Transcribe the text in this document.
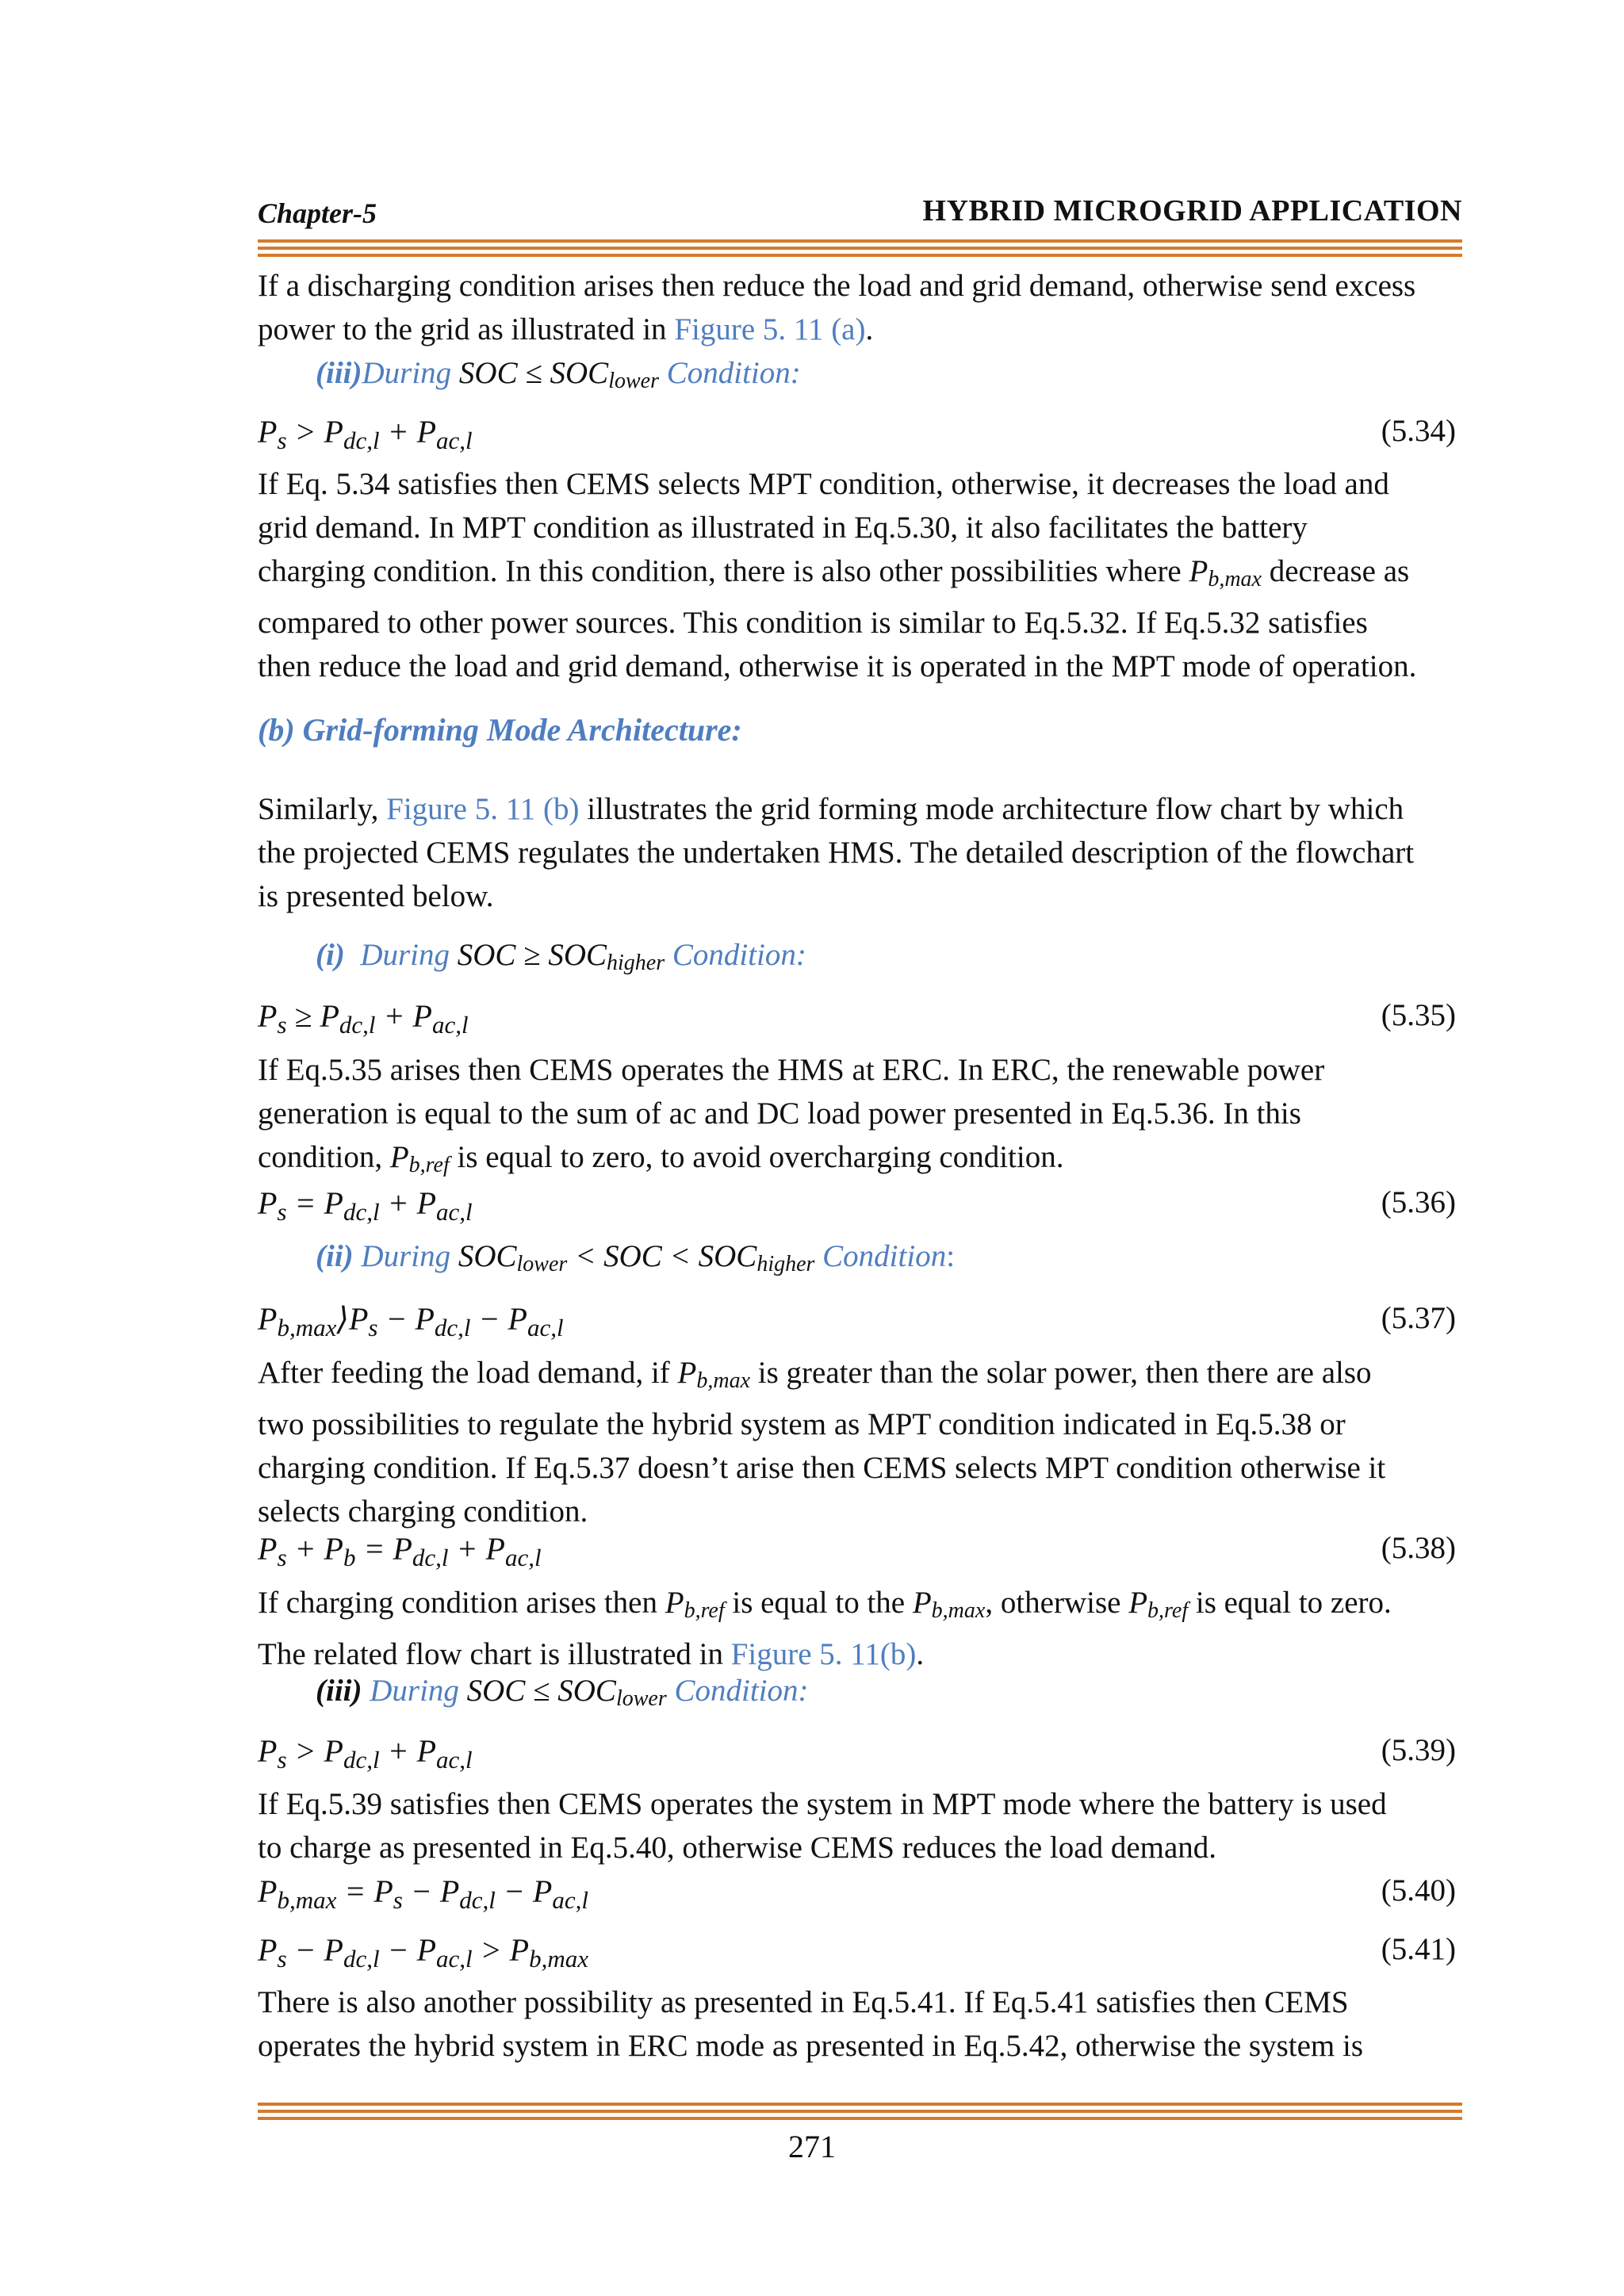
Chapter-5	HYBRID MICROGRID APPLICATION
If a discharging condition arises then reduce the load and grid demand, otherwise send excess
power to the grid as illustrated in Figure 5. 11 (a).
(iii)During SOC ≤ $SOC_{lower}$ Condition:
$P_s > P_{dc,l} + P_{ac,l}$	(5.34)
If Eq. 5.34 satisfies then CEMS selects MPT condition, otherwise, it decreases the load and
grid demand. In MPT condition as illustrated in Eq.5.30, it also facilitates the battery
charging condition. In this condition, there is also other possibilities where $P_{b,max}$ decrease as
compared to other power sources. This condition is similar to Eq.5.32. If Eq.5.32 satisfies
then reduce the load and grid demand, otherwise it is operated in the MPT mode of operation.
(b) Grid-forming Mode Architecture:
Similarly, Figure 5. 11 (b) illustrates the grid forming mode architecture flow chart by which
the projected CEMS regulates the undertaken HMS. The detailed description of the flowchart
is presented below.
(i) During SOC ≥ $SOC_{higher}$ Condition:
$P_s \ge P_{dc,l} + P_{ac,l}$	(5.35)
If Eq.5.35 arises then CEMS operates the HMS at ERC. In ERC, the renewable power
generation is equal to the sum of ac and DC load power presented in Eq.5.36. In this
condition, $P_{b,ref}$ is equal to zero, to avoid overcharging condition.
$P_s = P_{dc,l} + P_{ac,l}$	(5.36)
(ii) During $SOC_{lower}$ < SOC < $SOC_{higher}$ Condition:
$P_{b,max}⟩P_s - P_{dc,l} - P_{ac,l}$	(5.37)
After feeding the load demand, if $P_{b,max}$ is greater than the solar power, then there are also
two possibilities to regulate the hybrid system as MPT condition indicated in Eq.5.38 or
charging condition. If Eq.5.37 doesn’t arise then CEMS selects MPT condition otherwise it
selects charging condition.
$P_s + P_b = P_{dc,l} + P_{ac,l}$	(5.38)
If charging condition arises then $P_{b,ref}$ is equal to the $P_{b,max}$, otherwise $P_{b,ref}$ is equal to zero.
The related flow chart is illustrated in Figure 5. 11(b).
(iii) During SOC ≤ $SOC_{lower}$ Condition:
$P_s > P_{dc,l} + P_{ac,l}$	(5.39)
If Eq.5.39 satisfies then CEMS operates the system in MPT mode where the battery is used
to charge as presented in Eq.5.40, otherwise CEMS reduces the load demand.
$P_{b,max} = P_s - P_{dc,l} - P_{ac,l}$	(5.40)
$P_s - P_{dc,l} - P_{ac,l} > P_{b,max}$	(5.41)
There is also another possibility as presented in Eq.5.41. If Eq.5.41 satisfies then CEMS
operates the hybrid system in ERC mode as presented in Eq.5.42, otherwise the system is
271
